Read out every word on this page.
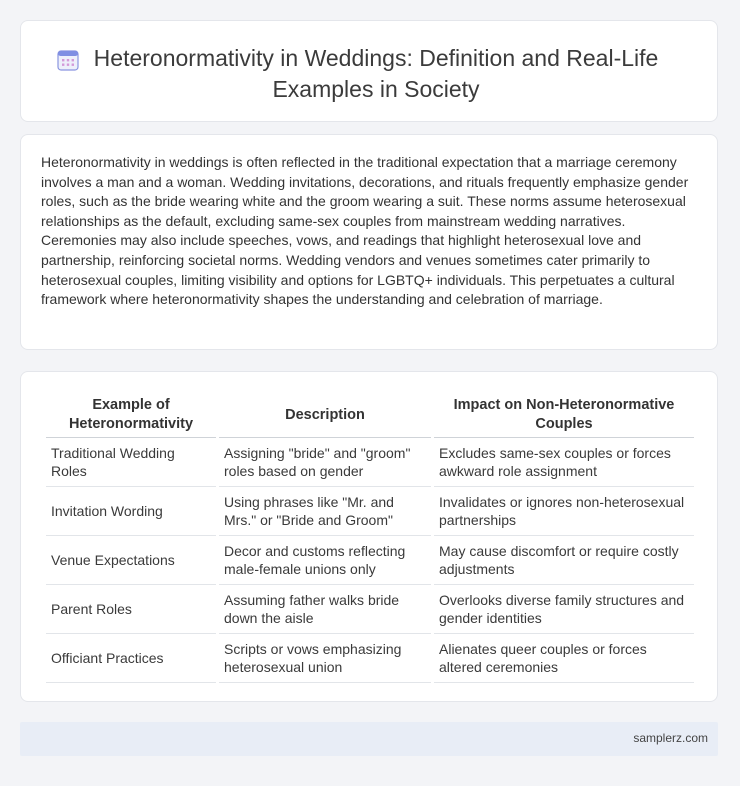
Heteronormativity in Weddings: Definition and Real-Life Examples in Society

Heteronormativity in weddings is often reflected in the traditional expectation that a marriage ceremony involves a man and a woman. Wedding invitations, decorations, and rituals frequently emphasize gender roles, such as the bride wearing white and the groom wearing a suit. These norms assume heterosexual relationships as the default, excluding same-sex couples from mainstream wedding narratives. Ceremonies may also include speeches, vows, and readings that highlight heterosexual love and partnership, reinforcing societal norms. Wedding vendors and venues sometimes cater primarily to heterosexual couples, limiting visibility and options for LGBTQ+ individuals. This perpetuates a cultural framework where heteronormativity shapes the understanding and celebration of marriage.

Example of Heteronormativity	Description	Impact on Non-Heteronormative Couples
Traditional Wedding Roles	Assigning "bride" and "groom" roles based on gender	Excludes same-sex couples or forces awkward role assignment
Invitation Wording	Using phrases like "Mr. and Mrs." or "Bride and Groom"	Invalidates or ignores non-heterosexual partnerships
Venue Expectations	Decor and customs reflecting male-female unions only	May cause discomfort or require costly adjustments
Parent Roles	Assuming father walks bride down the aisle	Overlooks diverse family structures and gender identities
Officiant Practices	Scripts or vows emphasizing heterosexual union	Alienates queer couples or forces altered ceremonies
samplerz.com
